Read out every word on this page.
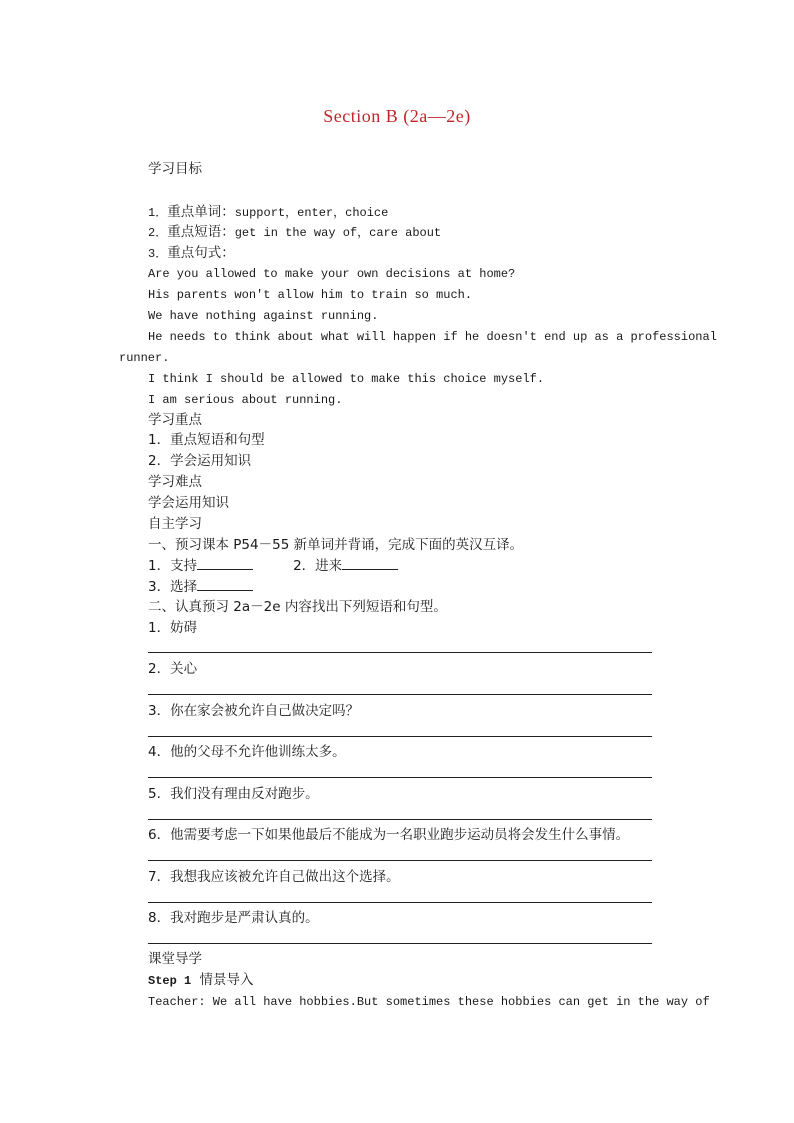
Section B (2a—2e)
学习目标
1．重点单词：support，enter，choice
2．重点短语：get in the way of，care about
3．重点句式：
Are you allowed to make your own decisions at home?
His parents won't allow him to train so much.
We have nothing against running.
He needs to think about what will happen if he doesn't end up as a professional
runner.
I think I should be allowed to make this choice myself.
I am serious about running.
学习重点
1．重点短语和句型
2．学会运用知识
学习难点
学会运用知识
自主学习
一、预习课本 P54－55 新单词并背诵，完成下面的英汉互译。
1．支持	2．进来
3．选择
二、认真预习 2a－2e 内容找出下列短语和句型。
1．妨碍
2．关心
3．你在家会被允许自己做决定吗？
4．他的父母不允许他训练太多。
5．我们没有理由反对跑步。
6．他需要考虑一下如果他最后不能成为一名职业跑步运动员将会发生什么事情。
7．我想我应该被允许自己做出这个选择。
8．我对跑步是严肃认真的。
课堂导学
Step 1 情景导入
Teacher: We all have hobbies.But sometimes these hobbies can get in the way of
